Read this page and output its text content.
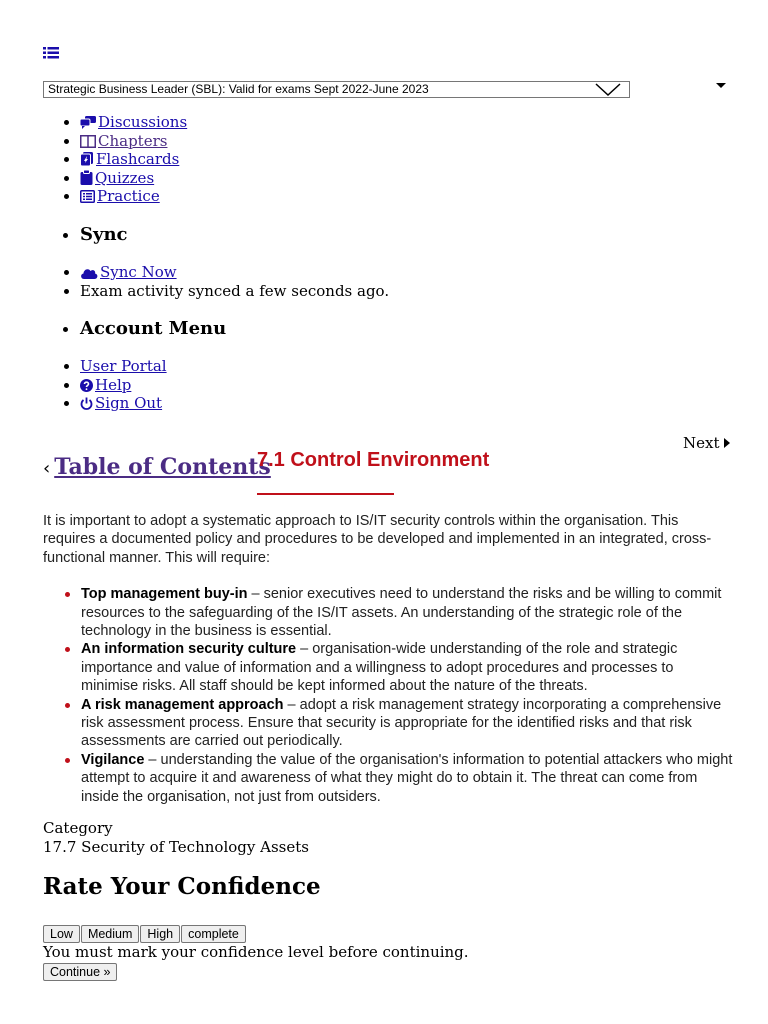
Strategic Business Leader (SBL): Valid for exams Sept 2022-June 2023
• Discussions
• Chapters
• Flashcards
• Quizzes
• Practice
• Sync
• Sync Now
• Exam activity synced a few seconds ago.
• Account Menu
• User Portal
• Help
• Sign Out
Next
‹ Table of Contents
7.1 Control Environment

It is important to adopt a systematic approach to IS/IT security controls within the organisation. This requires a documented policy and procedures to be developed and implemented in an integrated, cross-functional manner. This will require:

Top management buy-in – senior executives need to understand the risks and be willing to commit resources to the safeguarding of the IS/IT assets. An understanding of the strategic role of the technology in the business is essential.
An information security culture – organisation-wide understanding of the role and strategic importance and value of information and a willingness to adopt procedures and processes to minimise risks. All staff should be kept informed about the nature of the threats.
A risk management approach – adopt a risk management strategy incorporating a comprehensive risk assessment process. Ensure that security is appropriate for the identified risks and that risk assessments are carried out periodically.
Vigilance – understanding the value of the organisation's information to potential attackers who might attempt to acquire it and awareness of what they might do to obtain it. The threat can come from inside the organisation, not just from outsiders.
Category
17.7 Security of Technology Assets
Rate Your Confidence
Low Medium High complete
You must mark your confidence level before continuing.
Continue »
